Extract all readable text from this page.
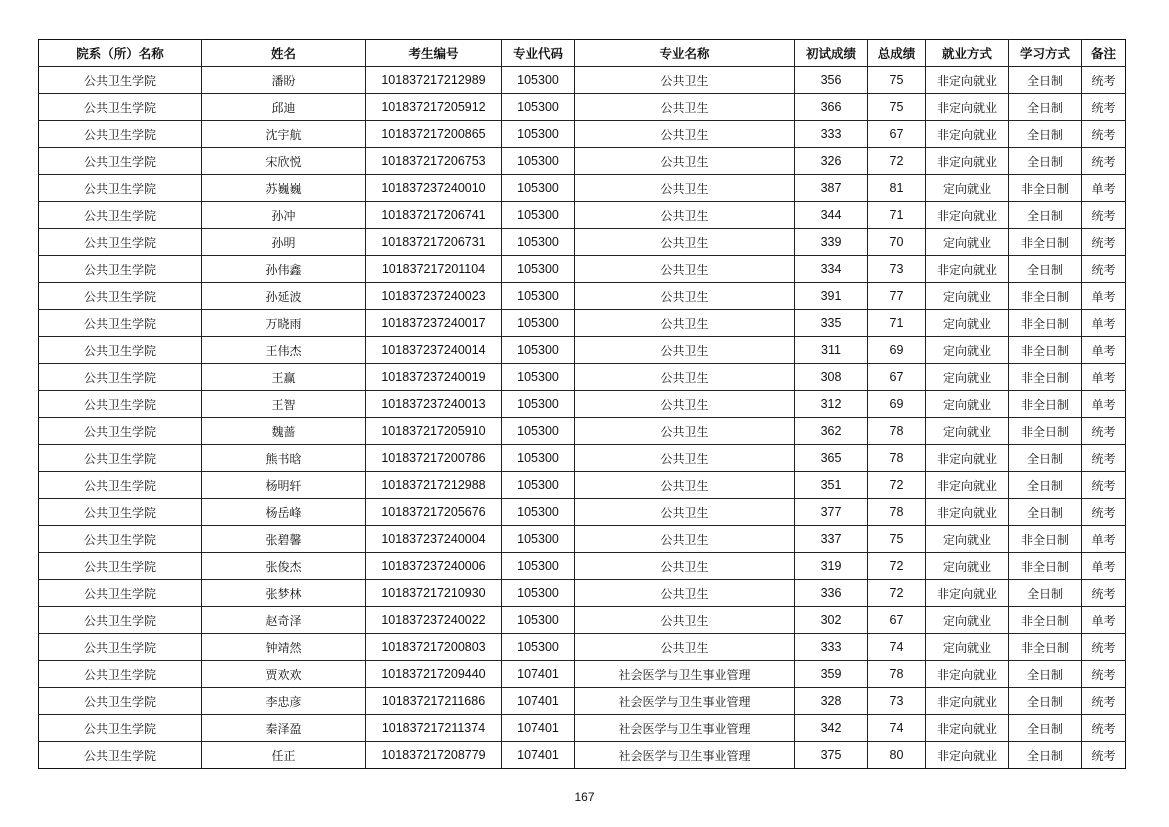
院系（所）名称	姓名	考生编号	专业代码	专业名称	初试成绩	总成绩	就业方式	学习方式	备注
公共卫生学院	潘盼	101837217212989	105300	公共卫生	356	75	非定向就业	全日制	统考
公共卫生学院	邱迪	101837217205912	105300	公共卫生	366	75	非定向就业	全日制	统考
公共卫生学院	沈宇航	101837217200865	105300	公共卫生	333	67	非定向就业	全日制	统考
公共卫生学院	宋欣悦	101837217206753	105300	公共卫生	326	72	非定向就业	全日制	统考
公共卫生学院	苏巍巍	101837237240010	105300	公共卫生	387	81	定向就业	非全日制	单考
公共卫生学院	孙冲	101837217206741	105300	公共卫生	344	71	非定向就业	全日制	统考
公共卫生学院	孙明	101837217206731	105300	公共卫生	339	70	定向就业	非全日制	统考
公共卫生学院	孙伟鑫	101837217201104	105300	公共卫生	334	73	非定向就业	全日制	统考
公共卫生学院	孙延波	101837237240023	105300	公共卫生	391	77	定向就业	非全日制	单考
公共卫生学院	万晓雨	101837237240017	105300	公共卫生	335	71	定向就业	非全日制	单考
公共卫生学院	王伟杰	101837237240014	105300	公共卫生	311	69	定向就业	非全日制	单考
公共卫生学院	王赢	101837237240019	105300	公共卫生	308	67	定向就业	非全日制	单考
公共卫生学院	王智	101837237240013	105300	公共卫生	312	69	定向就业	非全日制	单考
公共卫生学院	魏蔷	101837217205910	105300	公共卫生	362	78	定向就业	非全日制	统考
公共卫生学院	熊书晗	101837217200786	105300	公共卫生	365	78	非定向就业	全日制	统考
公共卫生学院	杨明轩	101837217212988	105300	公共卫生	351	72	非定向就业	全日制	统考
公共卫生学院	杨岳峰	101837217205676	105300	公共卫生	377	78	非定向就业	全日制	统考
公共卫生学院	张碧馨	101837237240004	105300	公共卫生	337	75	定向就业	非全日制	单考
公共卫生学院	张俊杰	101837237240006	105300	公共卫生	319	72	定向就业	非全日制	单考
公共卫生学院	张梦林	101837217210930	105300	公共卫生	336	72	非定向就业	全日制	统考
公共卫生学院	赵奇泽	101837237240022	105300	公共卫生	302	67	定向就业	非全日制	单考
公共卫生学院	钟靖然	101837217200803	105300	公共卫生	333	74	定向就业	非全日制	统考
公共卫生学院	贾欢欢	101837217209440	107401	社会医学与卫生事业管理	359	78	非定向就业	全日制	统考
公共卫生学院	李忠彦	101837217211686	107401	社会医学与卫生事业管理	328	73	非定向就业	全日制	统考
公共卫生学院	秦泽盈	101837217211374	107401	社会医学与卫生事业管理	342	74	非定向就业	全日制	统考
公共卫生学院	任正	101837217208779	107401	社会医学与卫生事业管理	375	80	非定向就业	全日制	统考
167
